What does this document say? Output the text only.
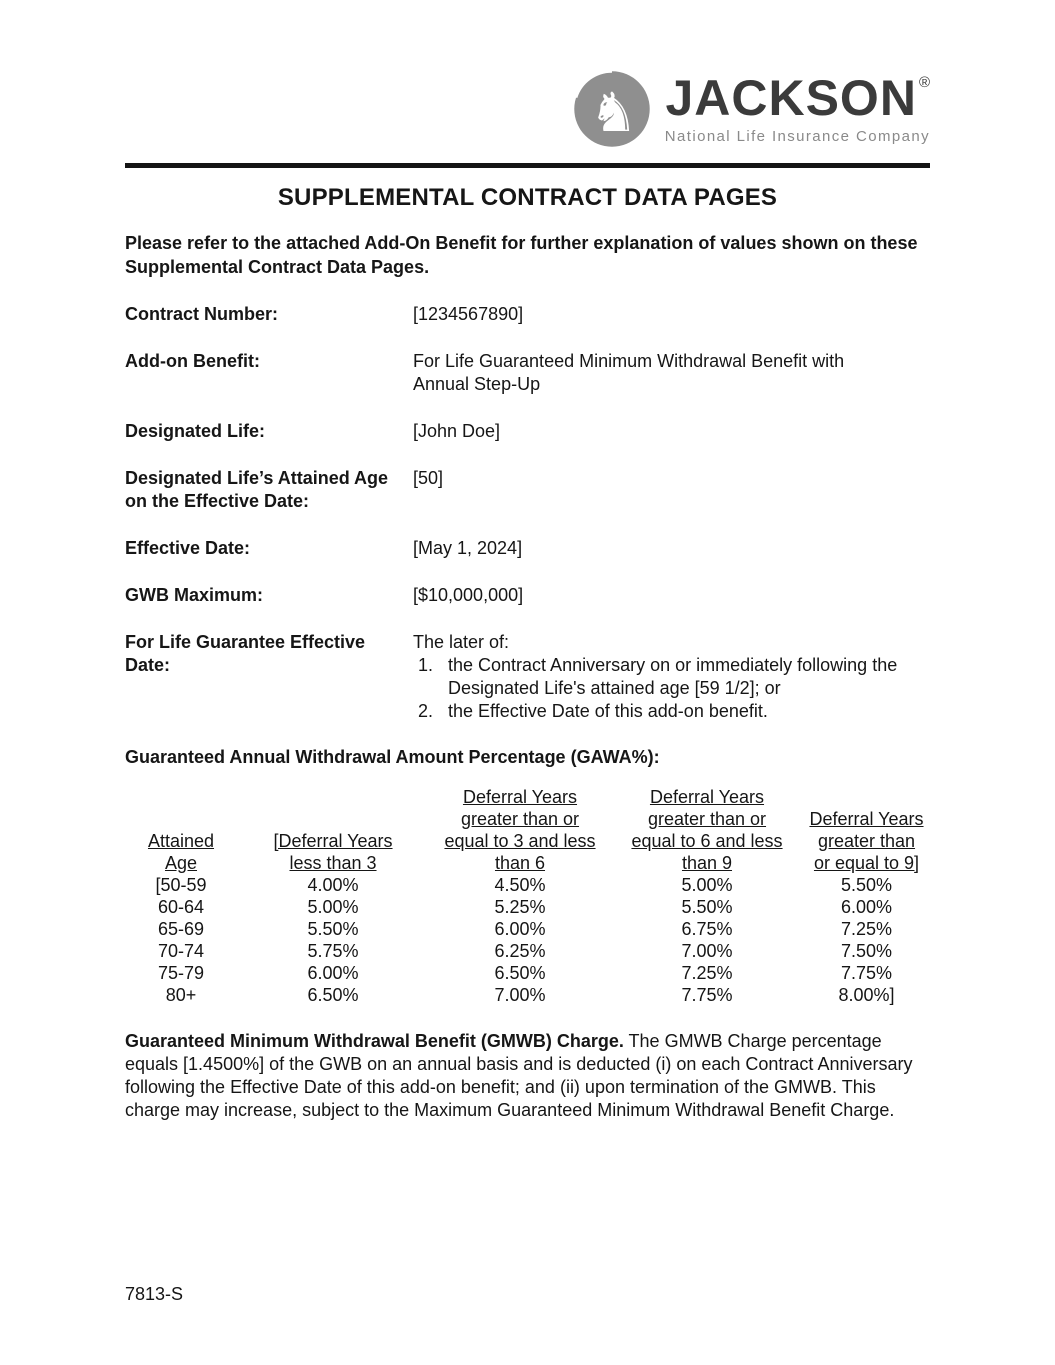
♞ JACKSON ®
National Life Insurance Company
SUPPLEMENTAL CONTRACT DATA PAGES

Please refer to the attached Add-On Benefit for further explanation of values shown on these Supplemental Contract Data Pages.

Contract Number:	[1234567890]
Add-on Benefit:	For Life Guaranteed Minimum Withdrawal Benefit with Annual Step-Up
Designated Life:	[John Doe]
Designated Life’s Attained Age on the Effective Date:
[50]
Effective Date:	[May 1, 2024]
GWB Maximum:	[$10,000,000]
For Life Guarantee Effective Date:

The later of:

1. the Contract Anniversary on or immediately following the Designated Life's attained age [59 1/2]; or
2. the Effective Date of this add-on benefit.

Guaranteed Annual Withdrawal Amount Percentage (GAWA%):

Attained Age	[Deferral Years less than 3	Deferral Years greater than or equal to 3 and less than 6	Deferral Years greater than or equal to 6 and less than 9	Deferral Years greater than or equal to 9]
[50-59	4.00%	4.50%	5.00%	5.50%
60-64	5.00%	5.25%	5.50%	6.00%
65-69	5.50%	6.00%	6.75%	7.25%
70-74	5.75%	6.25%	7.00%	7.50%
75-79	6.00%	6.50%	7.25%	7.75%
80+	6.50%	7.00%	7.75%	8.00%]

Guaranteed Minimum Withdrawal Benefit (GMWB) Charge. The GMWB Charge percentage equals [1.4500%] of the GWB on an annual basis and is deducted (i) on each Contract Anniversary following the Effective Date of this add-on benefit; and (ii) upon termination of the GMWB. This charge may increase, subject to the Maximum Guaranteed Minimum Withdrawal Benefit Charge.

7813-S
